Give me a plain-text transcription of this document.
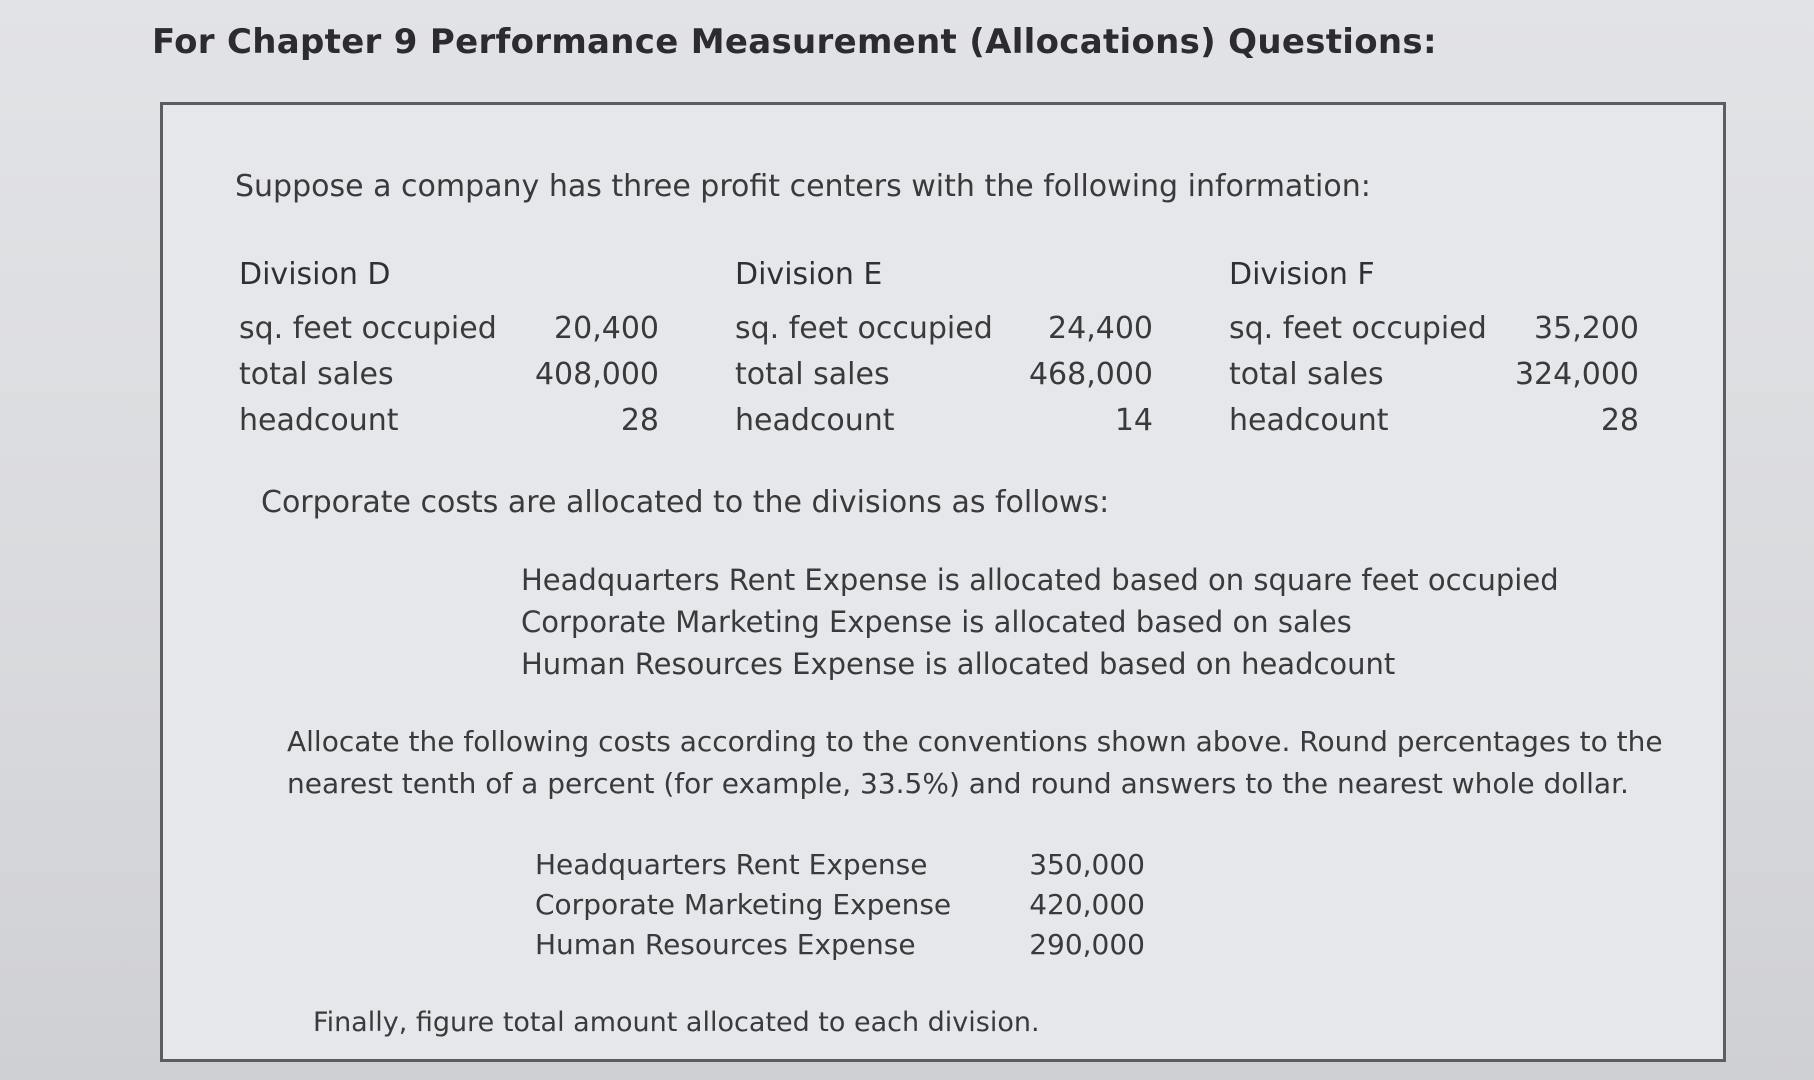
For Chapter 9 Performance Measurement (Allocations) Questions:
Suppose a company has three profit centers with the following information:
Division D
sq. feet occupied 20,400
total sales	408,000
headcount	28
Division E
sq. feet occupied 24,400
total sales	468,000
headcount	14
Division F
sq. feet occupied 35,200
total sales	324,000
headcount	28
Corporate costs are allocated to the divisions as follows:
Headquarters Rent Expense is allocated based on square feet occupied
Corporate Marketing Expense is allocated based on sales
Human Resources Expense is allocated based on headcount
Allocate the following costs according to the conventions shown above. Round percentages to the nearest tenth of a percent (for example, 33.5%) and round answers to the nearest whole dollar.
Headquarters Rent Expense	350,000
Corporate Marketing Expense	420,000
Human Resources Expense	290,000
Finally, figure total amount allocated to each division.
